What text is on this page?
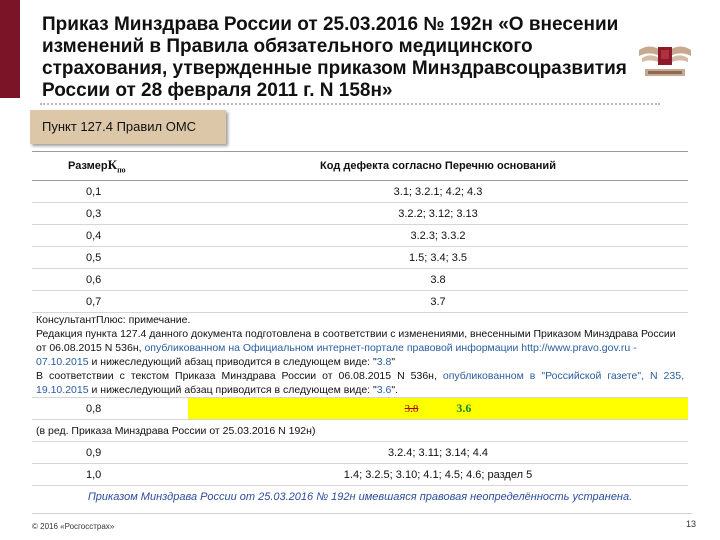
Приказ Минздрава России от 25.03.2016 № 192н «О внесении изменений в Правила обязательного медицинского страхования, утвержденные приказом Минздравсоцразвития России от 28 февраля 2011 г. N 158н»
Пункт 127.4 Правил ОМС
РазмерК$_{по}$	Код дефекта согласно Перечню оснований
0,1	3.1; 3.2.1; 4.2; 4.3
0,3	3.2.2; 3.12; 3.13
0,4	3.2.3; 3.3.2
0,5	1.5; 3.4; 3.5
0,6	3.8
0,7	3.7

КонсультантПлюс: примечание.
Редакция пункта 127.4 данного документа подготовлена в соответствии с изменениями, внесенными Приказом Минздрава России от 06.08.2015 N 536н, опубликованном на Официальном интернет-портале правовой информации http://www.pravo.gov.ru - 07.10.2015 и нижеследующий абзац приводится в следующем виде: "3.8"
В соответствии с текстом Приказа Минздрава России от 06.08.2015 N 536н, опубликованном в "Российской газете", N 235, 19.10.2015 и нижеследующий абзац приводится в следующем виде: "3.6".	

0,8	3.8 3.6
(в ред. Приказа Минздрава России от 25.03.2016 N 192н)	
0,9	3.2.4; 3.11; 3.14; 4.4
1,0	1.4; 3.2.5; 3.10; 4.1; 4.5; 4.6; раздел 5
Приказом Минздрава России от 25.03.2016 № 192н имевшаяся правовая неопределённость устранена.
© 2016 «Росгосстрах»	13
